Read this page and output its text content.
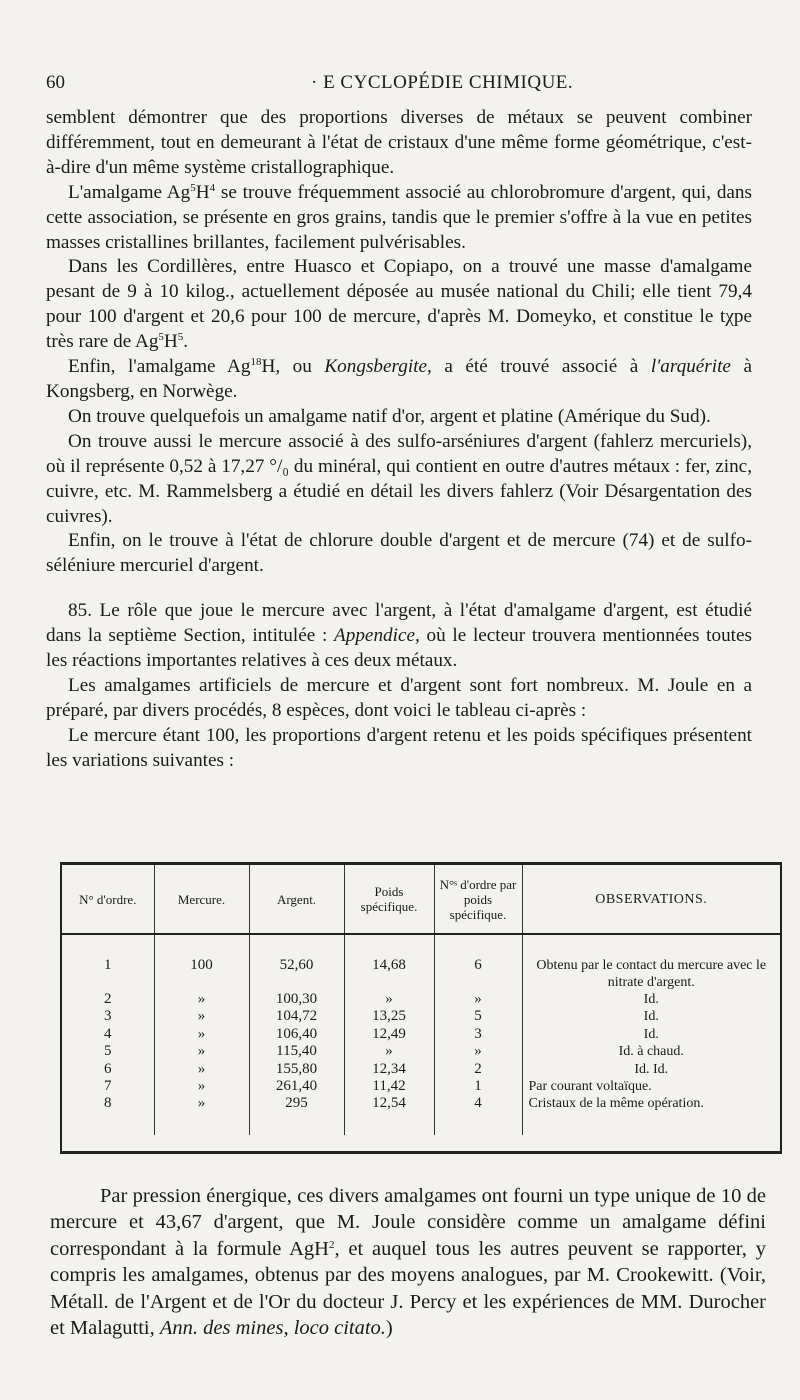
60	· E CYCLOPÉDIE CHIMIQUE.

semblent démontrer que des proportions diverses de métaux se peuvent combiner différemment, tout en demeurant à l'état de cristaux d'une même forme géométrique, c'est-à-dire d'un même système cristallographique.

L'amalgame $Ag^5H^4$ se trouve fréquemment associé au chlorobromure d'argent, qui, dans cette association, se présente en gros grains, tandis que le premier s'offre à la vue en petites masses cristallines brillantes, facilement pulvérisables.

Dans les Cordillères, entre Huasco et Copiapo, on a trouvé une masse d'amalgame pesant de 9 à 10 kilog., actuellement déposée au musée national du Chili; elle tient 79,4 pour 100 d'argent et 20,6 pour 100 de mercure, d'après M. Domeyko, et constitue le tχpe très rare de $Ag^5H^5$.

Enfin, l'amalgame Ag$^{18}$H, ou Kongsbergite, a été trouvé associé à l'arquérite à Kongsberg, en Norwège.

On trouve quelquefois un amalgame natif d'or, argent et platine (Amérique du Sud).

On trouve aussi le mercure associé à des sulfo-arséniures d'argent (fahlerz mercuriels), où il représente 0,52 à 17,27 °/₀ du minéral, qui contient en outre d'autres métaux : fer, zinc, cuivre, etc. M. Rammelsberg a étudié en détail les divers fahlerz (Voir Désargentation des cuivres).

Enfin, on le trouve à l'état de chlorure double d'argent et de mercure (74) et de sulfo-séléniure mercuriel d'argent.

85. Le rôle que joue le mercure avec l'argent, à l'état d'amalgame d'argent, est étudié dans la septième Section, intitulée : Appendice, où le lecteur trouvera mentionnées toutes les réactions importantes relatives à ces deux métaux.

Les amalgames artificiels de mercure et d'argent sont fort nombreux. M. Joule en a préparé, par divers procédés, 8 espèces, dont voici le tableau ci-après :

Le mercure étant 100, les proportions d'argent retenu et les poids spécifiques présentent les variations suivantes :

N° d'ordre.	Mercure.	Argent.	Poids spécifique.	N°ˢ d'ordre par poids spécifique.	OBSERVATIONS.
1	100	52,60	14,68	6	Obtenu par le contact du mercure avec le nitrate d'argent.
2	»	100,30	»	»	Id.
3	»	104,72	13,25	5	Id.
4	»	106,40	12,49	3	Id.
5	»	115,40	»	»	Id. à chaud.
6	»	155,80	12,34	2	Id. Id.
7	»	261,40	11,42	1	Par courant voltaïque.
8	»	295	12,54	4	Cristaux de la même opération.

Par pression énergique, ces divers amalgames ont fourni un type unique de 10 de mercure et 43,67 d'argent, que M. Joule considère comme un amalgame défini correspondant à la formule AgH$^2$, et auquel tous les autres peuvent se rapporter, y compris les amalgames, obtenus par des moyens analogues, par M. Crookewitt. (Voir, Métall. de l'Argent et de l'Or du docteur J. Percy et les expériences de MM. Durocher et Malagutti, Ann. des mines, loco citato.)
